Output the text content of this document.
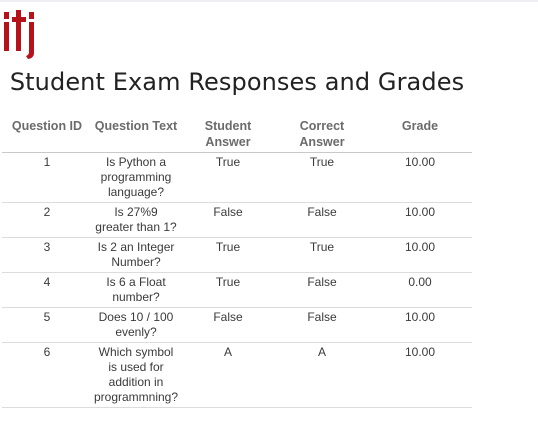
Student Exam Responses and Grades
Question ID	Question Text	Student Answer	Correct Answer	Grade
1	Is Python a programming language?	True	True	10.00
2	Is 27%9 greater than 1?	False	False	10.00
3	Is 2 an Integer Number?	True	True	10.00
4	Is 6 a Float number?	True	False	0.00
5	Does 10 / 100 evenly?	False	False	10.00
6	Which symbol is used for addition in programmning?	A	A	10.00
